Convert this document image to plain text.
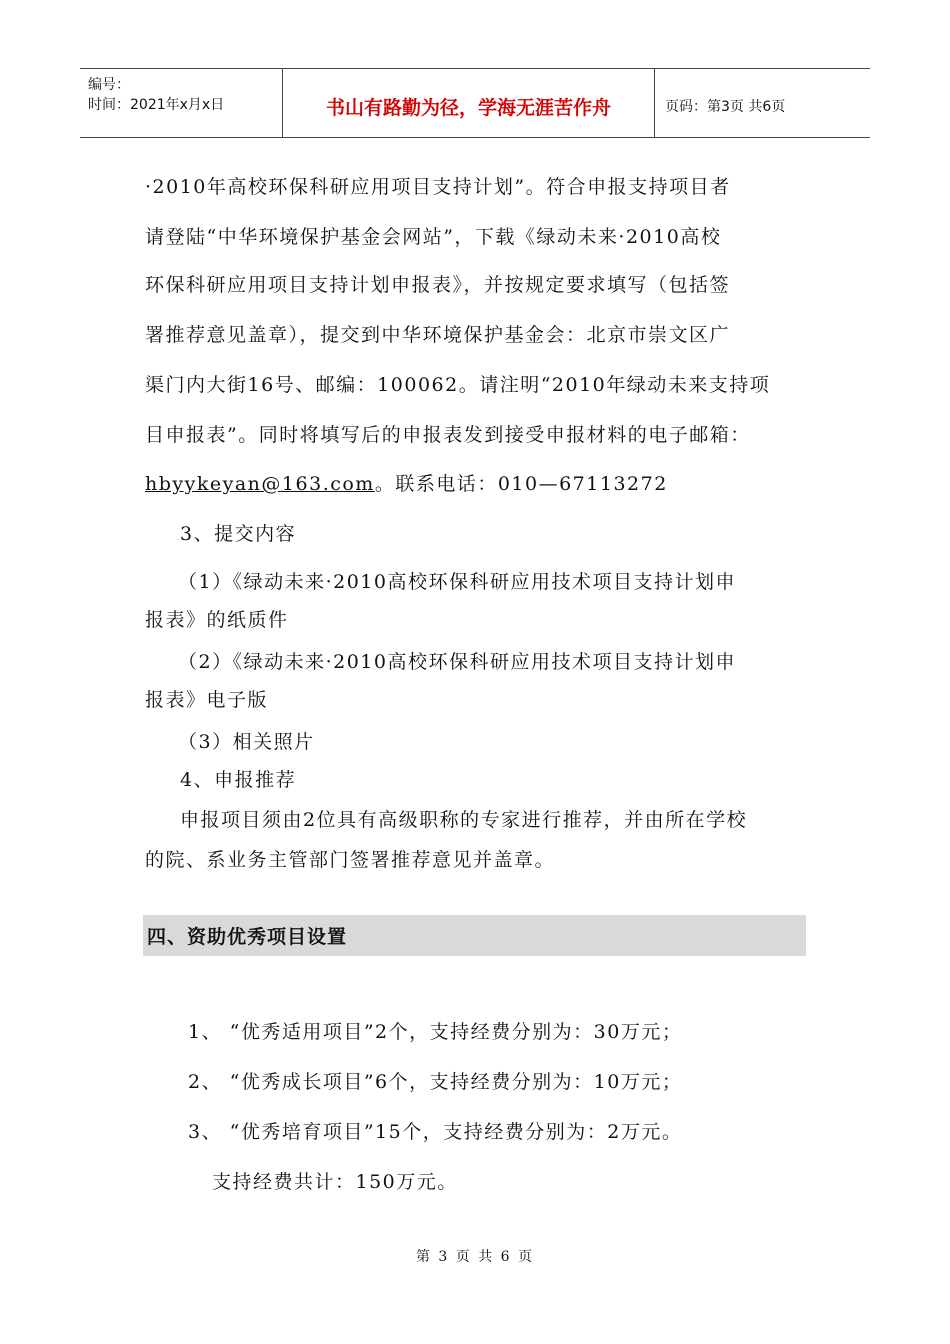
编号：
时间：2021年x月x日	书山有路勤为径，学海无涯苦作舟	页码：第3页 共6页
·2010年高校环保科研应用项目支持计划”。符合申报支持项目者
请登陆“中华环境保护基金会网站”，下载《绿动未来·2010高校
环保科研应用项目支持计划申报表》，并按规定要求填写（包括签
署推荐意见盖章），提交到中华环境保护基金会：北京市崇文区广
渠门内大街16号、邮编：100062。请注明“2010年绿动未来支持项
目申报表”。同时将填写后的申报表发到接受申报材料的电子邮箱：
hbyykeyan@163.com。联系电话：010—67113272
3、提交内容
（1）《绿动未来·2010高校环保科研应用技术项目支持计划申
报表》的纸质件
（2）《绿动未来·2010高校环保科研应用技术项目支持计划申
报表》电子版
（3）相关照片
4、申报推荐
申报项目须由2位具有高级职称的专家进行推荐，并由所在学校
的院、系业务主管部门签署推荐意见并盖章。
四、资助优秀项目设置
1、 “优秀适用项目”2个，支持经费分别为：30万元；
2、 “优秀成长项目”6个，支持经费分别为：10万元；
3、 “优秀培育项目”15个，支持经费分别为：2万元。
支持经费共计：150万元。
第 3 页 共 6 页
